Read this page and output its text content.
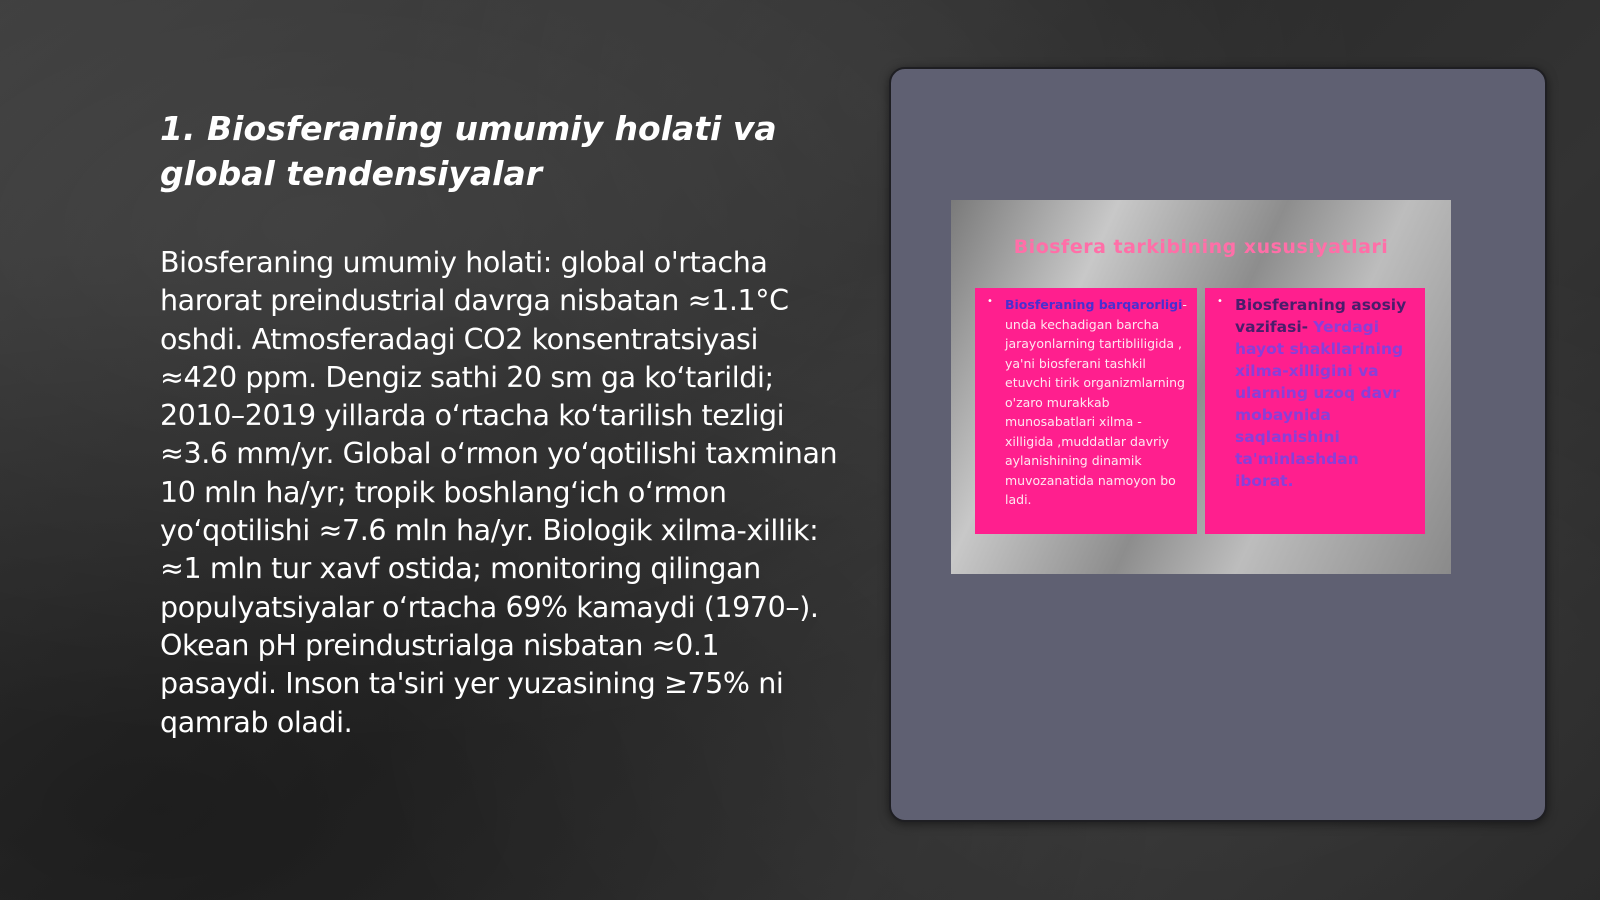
1. Biosferaning umumiy holati va global tendensiyalar

Biosferaning umumiy holati: global o'rtacha harorat preindustrial davrga nisbatan ≈1.1°C oshdi. Atmosferadagi CO2 konsentratsiyasi ≈420 ppm. Dengiz sathi 20 sm ga koʻtarildi; 2010–2019 yillarda oʻrtacha koʻtarilish tezligi ≈3.6 mm/yr. Global oʻrmon yoʻqotilishi taxminan 10 mln ha/yr; tropik boshlangʻich oʻrmon yoʻqotilishi ≈7.6 mln ha/yr. Biologik xilma-xillik: ≈1 mln tur xavf ostida; monitoring qilingan populyatsiyalar oʻrtacha 69% kamaydi (1970–). Okean pH preindustrialga nisbatan ≈0.1 pasaydi. Inson ta'siri yer yuzasining ≥75% ni qamrab oladi.

Biosfera tarkibining xususiyatlari
• Biosferaning barqarorligi-unda kechadigan barcha jarayonlarning tartibliligida , ya'ni biosferani tashkil etuvchi tirik organizmlarning o'zaro murakkab munosabatlari xilma - xilligida ,muddatlar davriy aylanishining dinamik muvozanatida namoyon bo ladi.
• Biosferaning asosiy vazifasi- Yerdagi hayot shakllarining xilma-xilligini va ularning uzoq davr mobaynida saqlanishini ta'minlashdan iborat.
